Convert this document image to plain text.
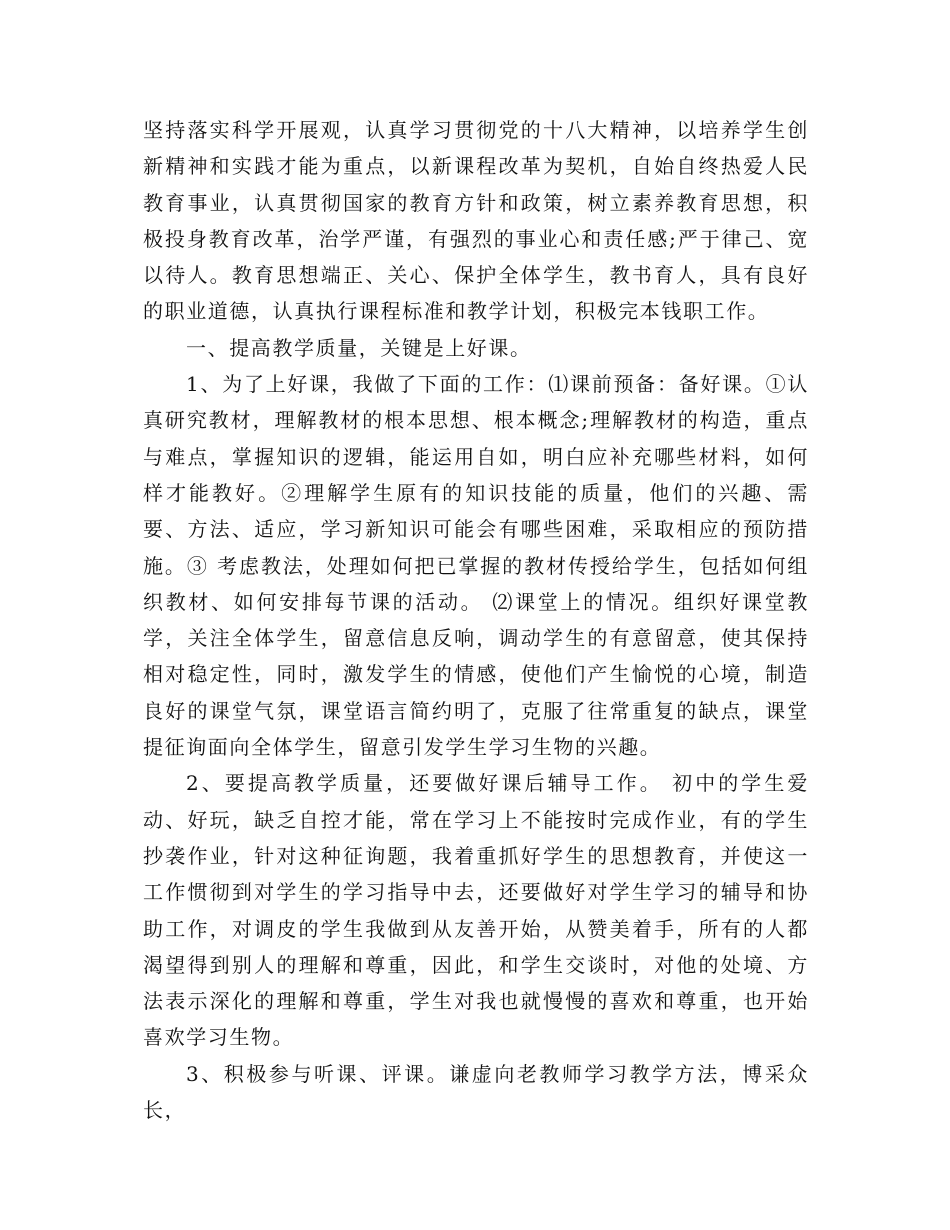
坚持落实科学开展观，认真学习贯彻党的十八大精神，以培养学生创新精神和实践才能为重点，以新课程改革为契机，自始自终热爱人民教育事业，认真贯彻国家的教育方针和政策，树立素养教育思想，积极投身教育改革，治学严谨，有强烈的事业心和责任感;严于律己、宽以待人。教育思想端正、关心、保护全体学生，教书育人，具有良好的职业道德，认真执行课程标准和教学计划，积极完本钱职工作。

一、提高教学质量，关键是上好课。

1、为了上好课，我做了下面的工作：⑴课前预备：备好课。①认真研究教材，理解教材的根本思想、根本概念;理解教材的构造，重点与难点，掌握知识的逻辑，能运用自如，明白应补充哪些材料，如何样才能教好。②理解学生原有的知识技能的质量，他们的兴趣、需要、方法、适应，学习新知识可能会有哪些困难，采取相应的预防措施。③ 考虑教法，处理如何把已掌握的教材传授给学生，包括如何组织教材、如何安排每节课的活动。 ⑵课堂上的情况。组织好课堂教学，关注全体学生，留意信息反响，调动学生的有意留意，使其保持相对稳定性，同时，激发学生的情感，使他们产生愉悦的心境，制造良好的课堂气氛，课堂语言简约明了，克服了往常重复的缺点，课堂提征询面向全体学生，留意引发学生学习生物的兴趣。

2、要提高教学质量，还要做好课后辅导工作。 初中的学生爱动、好玩，缺乏自控才能，常在学习上不能按时完成作业，有的学生抄袭作业，针对这种征询题，我着重抓好学生的思想教育，并使这一工作惯彻到对学生的学习指导中去，还要做好对学生学习的辅导和协助工作，对调皮的学生我做到从友善开始，从赞美着手，所有的人都渴望得到别人的理解和尊重，因此，和学生交谈时，对他的处境、方法表示深化的理解和尊重，学生对我也就慢慢的喜欢和尊重，也开始喜欢学习生物。

3、积极参与听课、评课。谦虚向老教师学习教学方法，博采众长，
